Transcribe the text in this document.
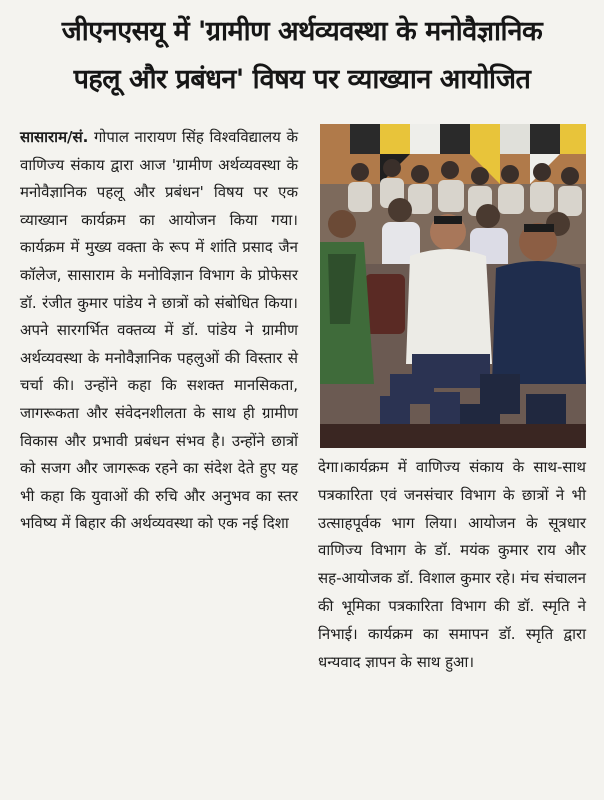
जीएनएसयू में 'ग्रामीण अर्थव्यवस्था के मनोवैज्ञानिक
पहलू और प्रबंधन' विषय पर व्याख्यान आयोजित
सासाराम/सं. गोपाल नारायण सिंह विश्वविद्यालय के वाणिज्य संकाय द्वारा आज 'ग्रामीण अर्थव्यवस्था के मनोवैज्ञानिक पहलू और प्रबंधन' विषय पर एक व्याख्यान कार्यक्रम का आयोजन किया गया। कार्यक्रम में मुख्य वक्ता के रूप में शांति प्रसाद जैन कॉलेज, सासाराम के मनोविज्ञान विभाग के प्रोफेसर डॉ. रंजीत कुमार पांडेय ने छात्रों को संबोधित किया।अपने सारगर्भित वक्तव्य में डॉ. पांडेय ने ग्रामीण अर्थव्यवस्था के मनोवैज्ञानिक पहलुओं की विस्तार से चर्चा की। उन्होंने कहा कि सशक्त मानसिकता, जागरूकता और संवेदनशीलता के साथ ही ग्रामीण विकास और प्रभावी प्रबंधन संभव है। उन्होंने छात्रों को सजग और जागरूक रहने का संदेश देते हुए यह भी कहा कि युवाओं की रुचि और अनुभव का स्तर भविष्य में बिहार की अर्थव्यवस्था को एक नई दिशा
देगा।कार्यक्रम में वाणिज्य संकाय के साथ-साथ पत्रकारिता एवं जनसंचार विभाग के छात्रों ने भी उत्साहपूर्वक भाग लिया। आयोजन के सूत्रधार वाणिज्य विभाग के डॉ. मयंक कुमार राय और सह-आयोजक डॉ. विशाल कुमार रहे। मंच संचालन की भूमिका पत्रकारिता विभाग की डॉ. स्मृति ने निभाई। कार्यक्रम का समापन डॉ. स्मृति द्वारा धन्यवाद ज्ञापन के साथ हुआ।
